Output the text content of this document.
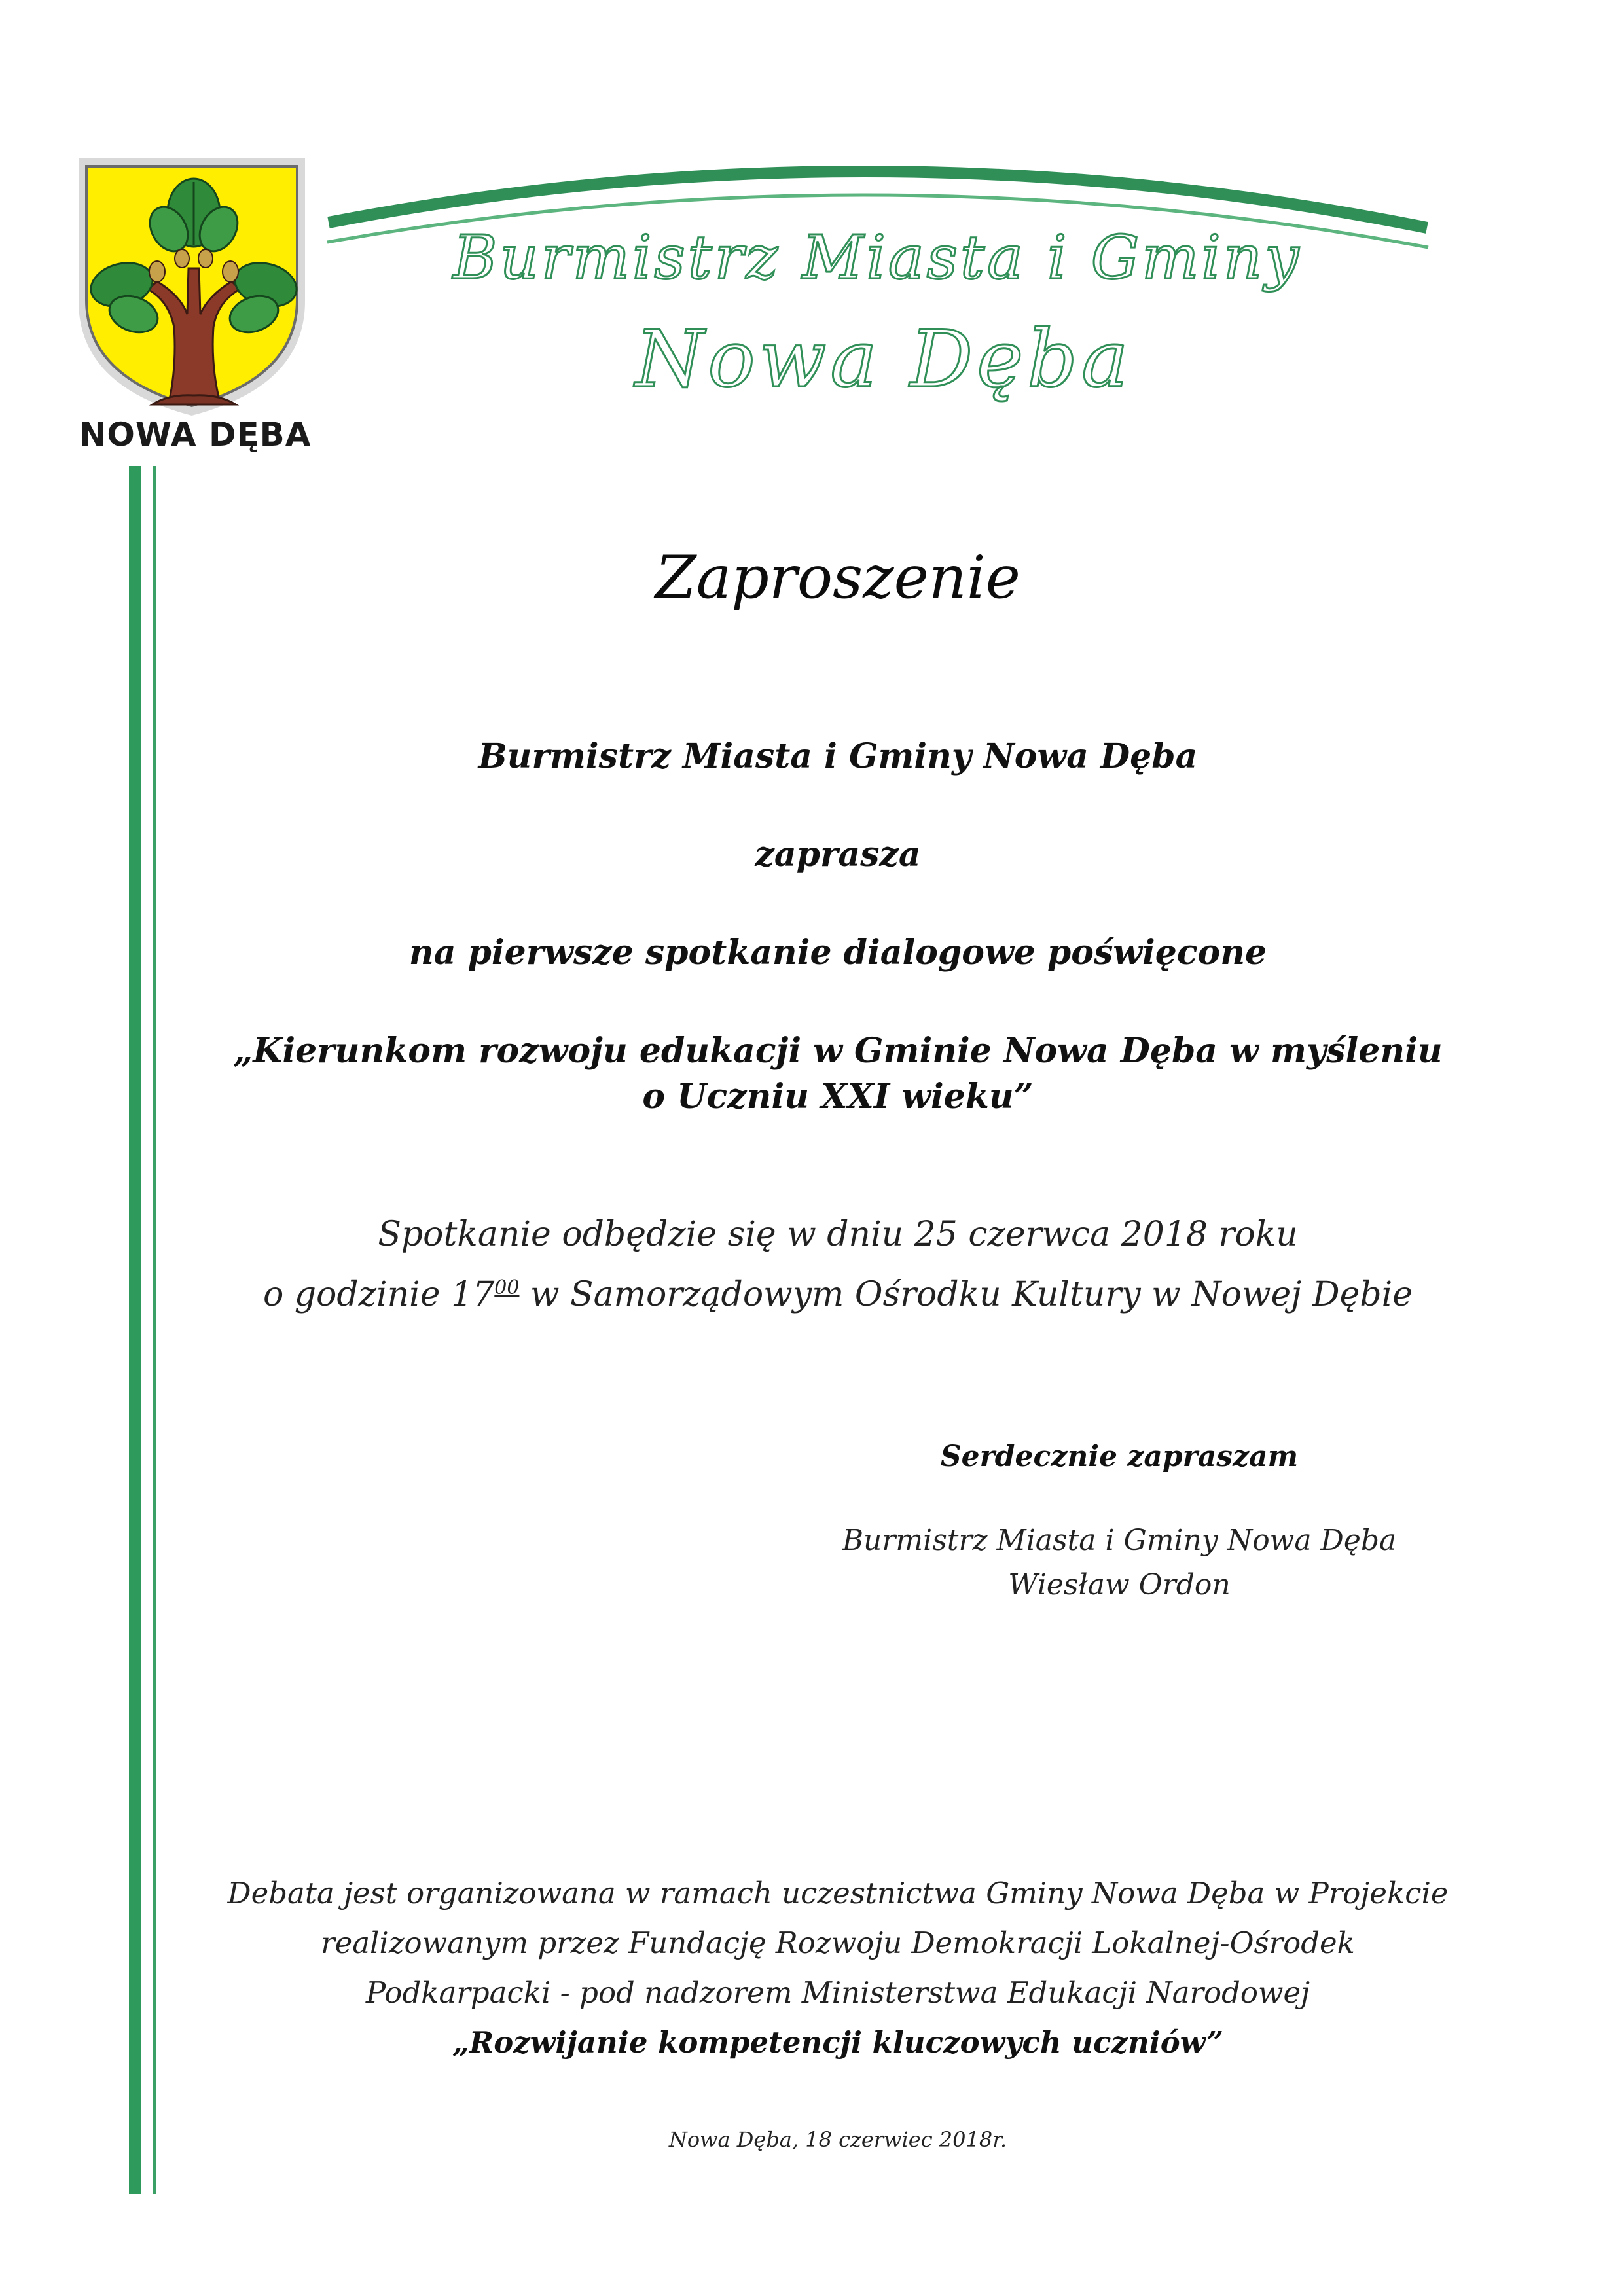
NOWA DĘBA
Burmistrz Miasta i Gminy
Nowa Dęba
Zaproszenie
Burmistrz Miasta i Gminy Nowa Dęba
zaprasza
na pierwsze spotkanie dialogowe poświęcone
„Kierunkom rozwoju edukacji w Gminie Nowa Dęba w myśleniu
o Uczniu XXI wieku”
Spotkanie odbędzie się w dniu 25 czerwca 2018 roku
o godzinie $17^{00}$ w Samorządowym Ośrodku Kultury w Nowej Dębie
Serdecznie zapraszam
Burmistrz Miasta i Gminy Nowa Dęba
Wiesław Ordon
Debata jest organizowana w ramach uczestnictwa Gminy Nowa Dęba w Projekcie
realizowanym przez Fundację Rozwoju Demokracji Lokalnej-Ośrodek
Podkarpacki - pod nadzorem Ministerstwa Edukacji Narodowej
„Rozwijanie kompetencji kluczowych uczniów”
Nowa Dęba, 18 czerwiec 2018r.
